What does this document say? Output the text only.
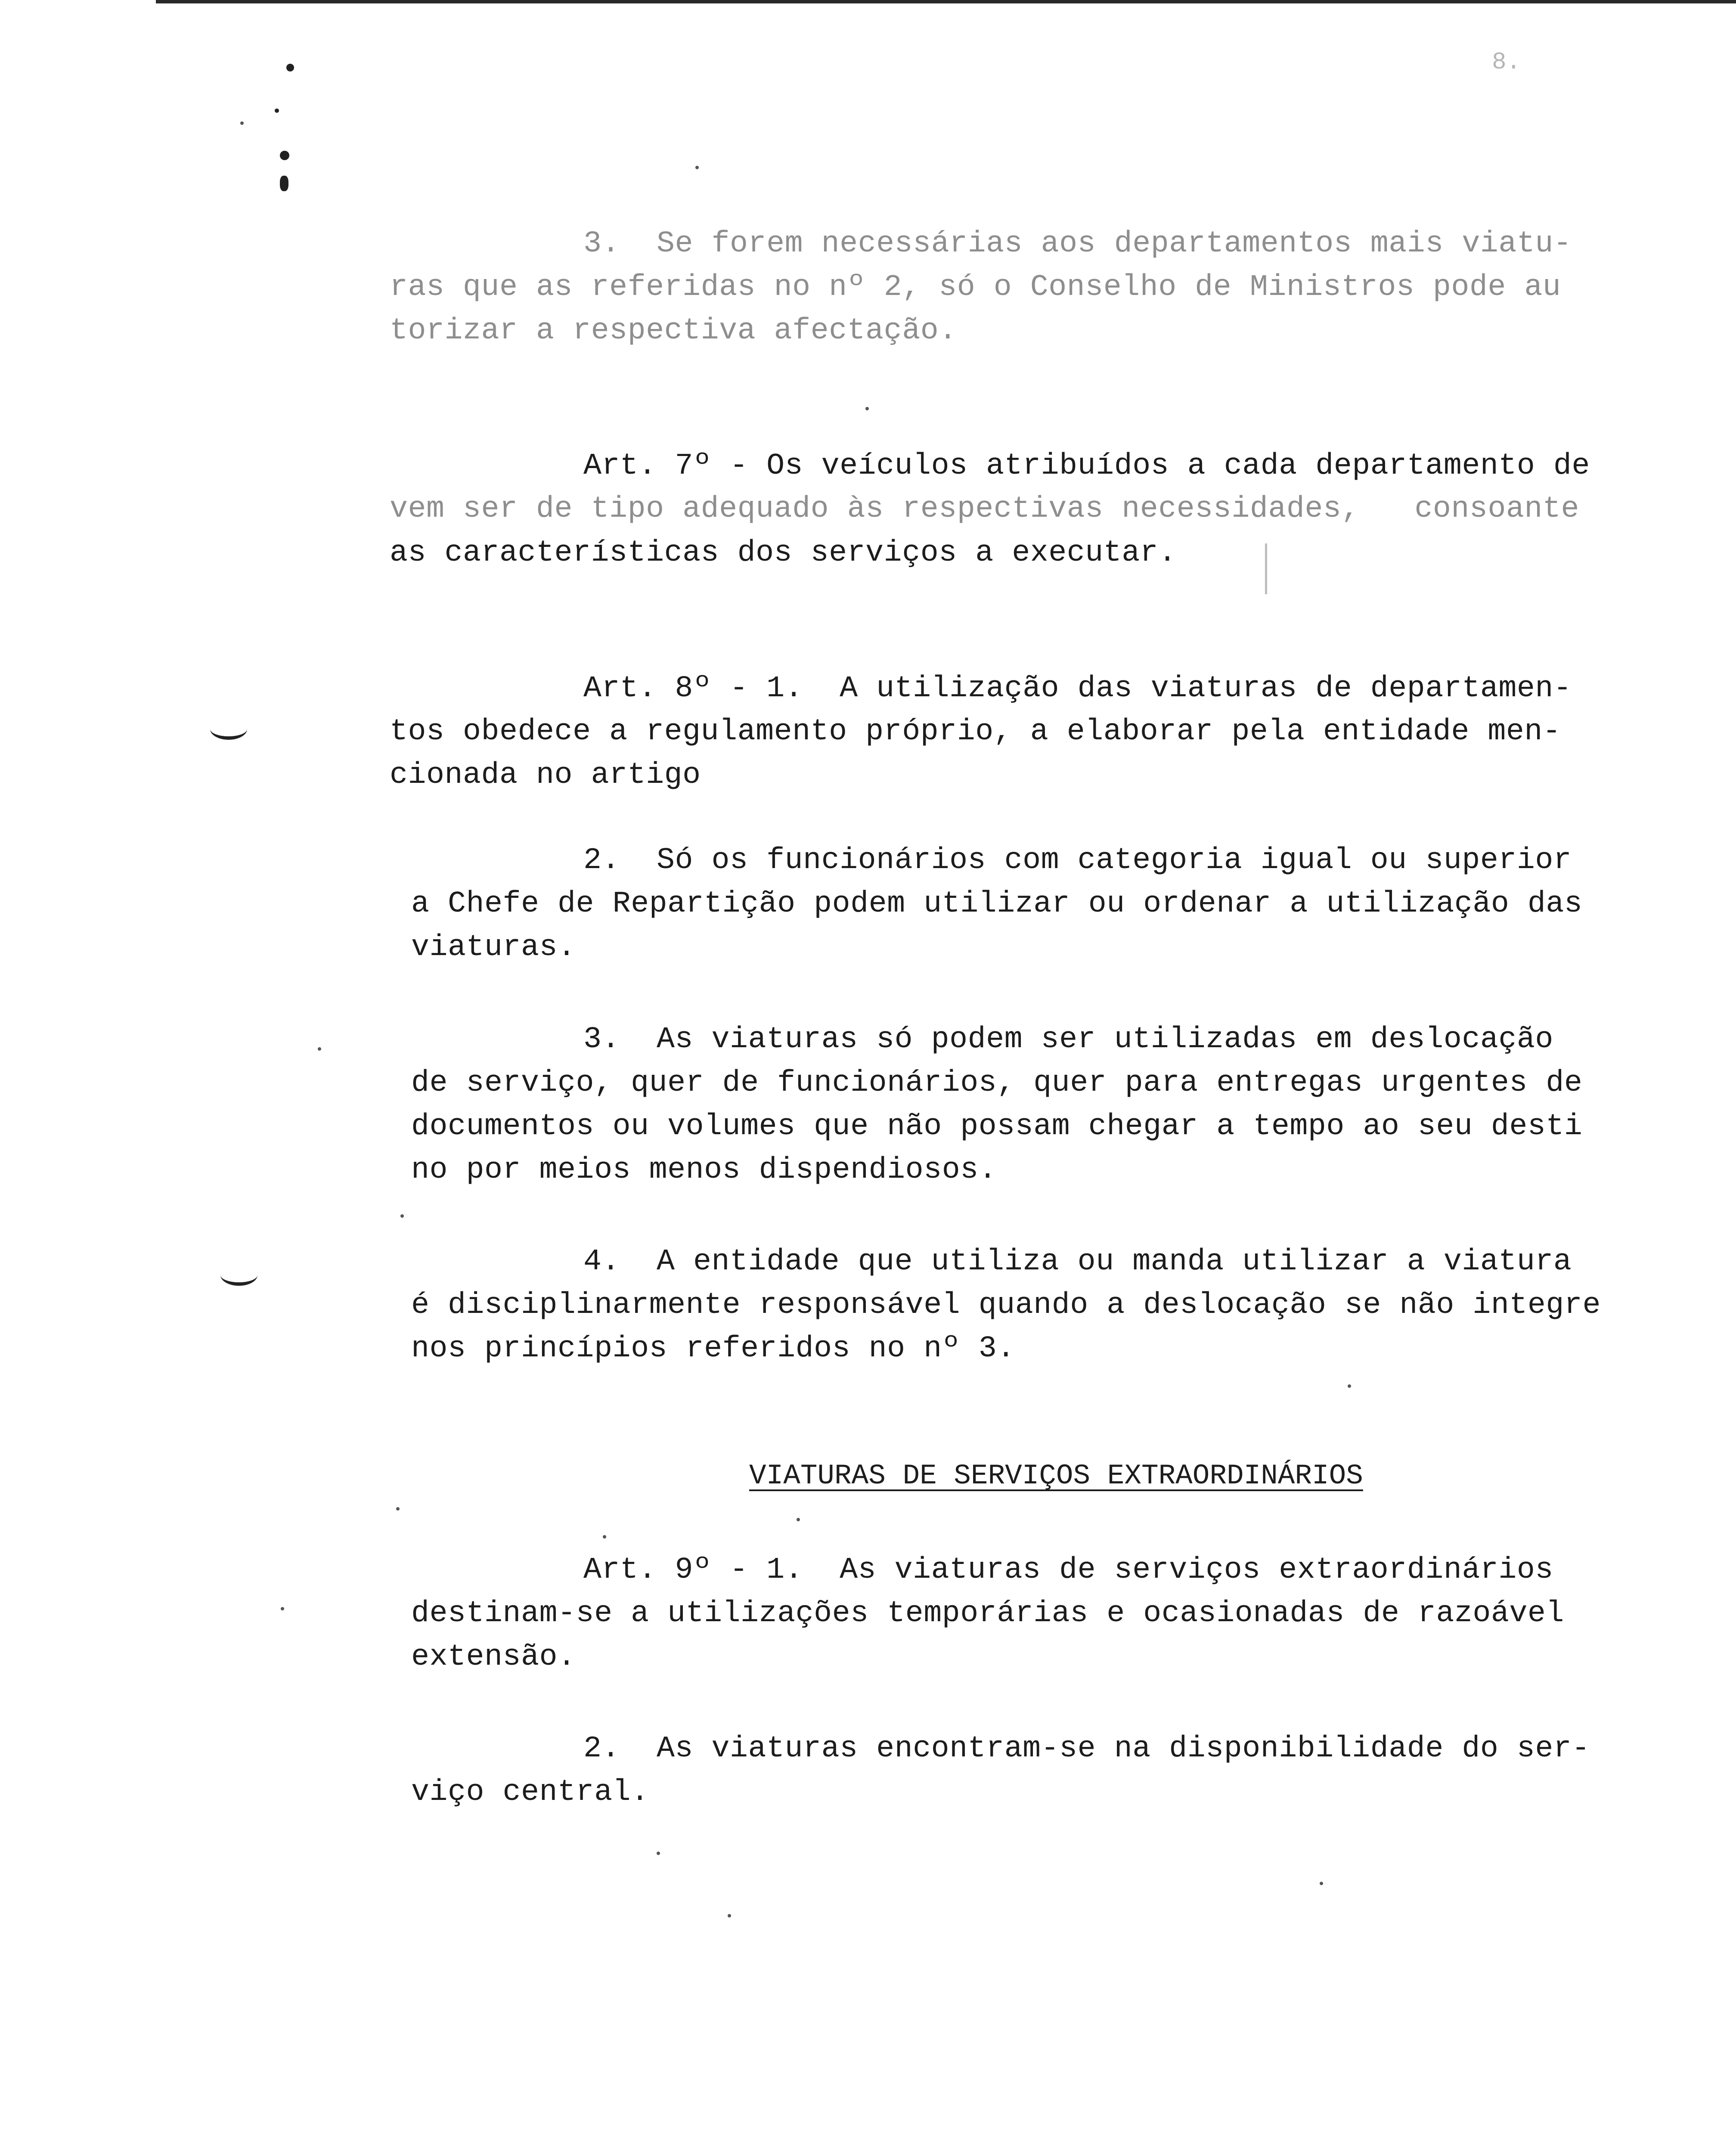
8.
3.  Se forem necessárias aos departamentos mais viatu-
ras que as referidas no nº 2, só o Conselho de Ministros pode au
torizar a respectiva afectação.
Art. 7º - Os veículos atribuídos a cada departamento de
vem ser de tipo adequado às respectivas necessidades,   consoante
as características dos serviços a executar.
Art. 8º - 1.  A utilização das viaturas de departamen-
tos obedece a regulamento próprio, a elaborar pela entidade men-
cionada no artigo
2.  Só os funcionários com categoria igual ou superior
a Chefe de Repartição podem utilizar ou ordenar a utilização das
viaturas.
3.  As viaturas só podem ser utilizadas em deslocação
de serviço, quer de funcionários, quer para entregas urgentes de
documentos ou volumes que não possam chegar a tempo ao seu desti
no por meios menos dispendiosos.
4.  A entidade que utiliza ou manda utilizar a viatura
é disciplinarmente responsável quando a deslocação se não integre
nos princípios referidos no nº 3.
VIATURAS DE SERVIÇOS EXTRAORDINÁRIOS
Art. 9º - 1.  As viaturas de serviços extraordinários
destinam-se a utilizações temporárias e ocasionadas de razoável
extensão.
2.  As viaturas encontram-se na disponibilidade do ser-
viço central.
